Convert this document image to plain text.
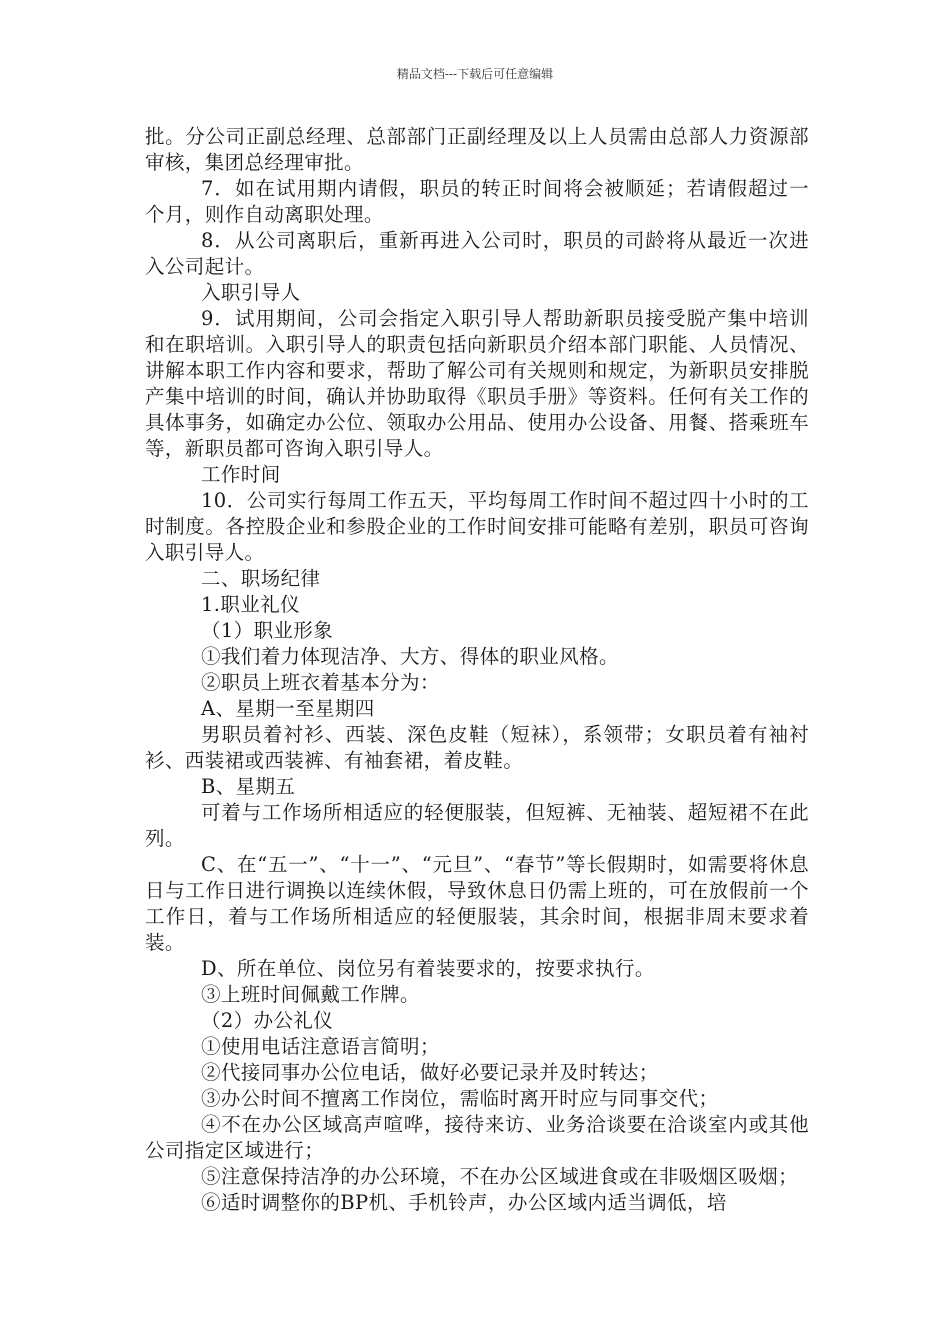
精品文档---下载后可任意编辑

批。分公司正副总经理、总部部门正副经理及以上人员需由总部人力资源部审核，集团总经理审批。

7．如在试用期内请假，职员的转正时间将会被顺延；若请假超过一个月，则作自动离职处理。

8．从公司离职后，重新再进入公司时，职员的司龄将从最近一次进入公司起计。

入职引导人

9．试用期间，公司会指定入职引导人帮助新职员接受脱产集中培训和在职培训。入职引导人的职责包括向新职员介绍本部门职能、人员情况、讲解本职工作内容和要求，帮助了解公司有关规则和规定，为新职员安排脱产集中培训的时间，确认并协助取得《职员手册》等资料。任何有关工作的具体事务，如确定办公位、领取办公用品、使用办公设备、用餐、搭乘班车等，新职员都可咨询入职引导人。

工作时间

10．公司实行每周工作五天，平均每周工作时间不超过四十小时的工时制度。各控股企业和参股企业的工作时间安排可能略有差别，职员可咨询入职引导人。

二、职场纪律

1.职业礼仪

（1）职业形象

①我们着力体现洁净、大方、得体的职业风格。

②职员上班衣着基本分为：

A、星期一至星期四

男职员着衬衫、西装、深色皮鞋（短袜），系领带；女职员着有袖衬衫、西装裙或西装裤、有袖套裙，着皮鞋。

B、星期五

可着与工作场所相适应的轻便服装，但短裤、无袖装、超短裙不在此列。

C、在“五一”、“十一”、“元旦”、“春节”等长假期时，如需要将休息日与工作日进行调换以连续休假，导致休息日仍需上班的，可在放假前一个工作日，着与工作场所相适应的轻便服装，其余时间，根据非周末要求着装。

D、所在单位、岗位另有着装要求的，按要求执行。

③上班时间佩戴工作牌。

（2）办公礼仪

①使用电话注意语言简明；

②代接同事办公位电话，做好必要记录并及时转达；

③办公时间不擅离工作岗位，需临时离开时应与同事交代；

④不在办公区域高声喧哗，接待来访、业务洽谈要在洽谈室内或其他公司指定区域进行；

⑤注意保持洁净的办公环境，不在办公区域进食或在非吸烟区吸烟；

⑥适时调整你的BP机、手机铃声，办公区域内适当调低，培
